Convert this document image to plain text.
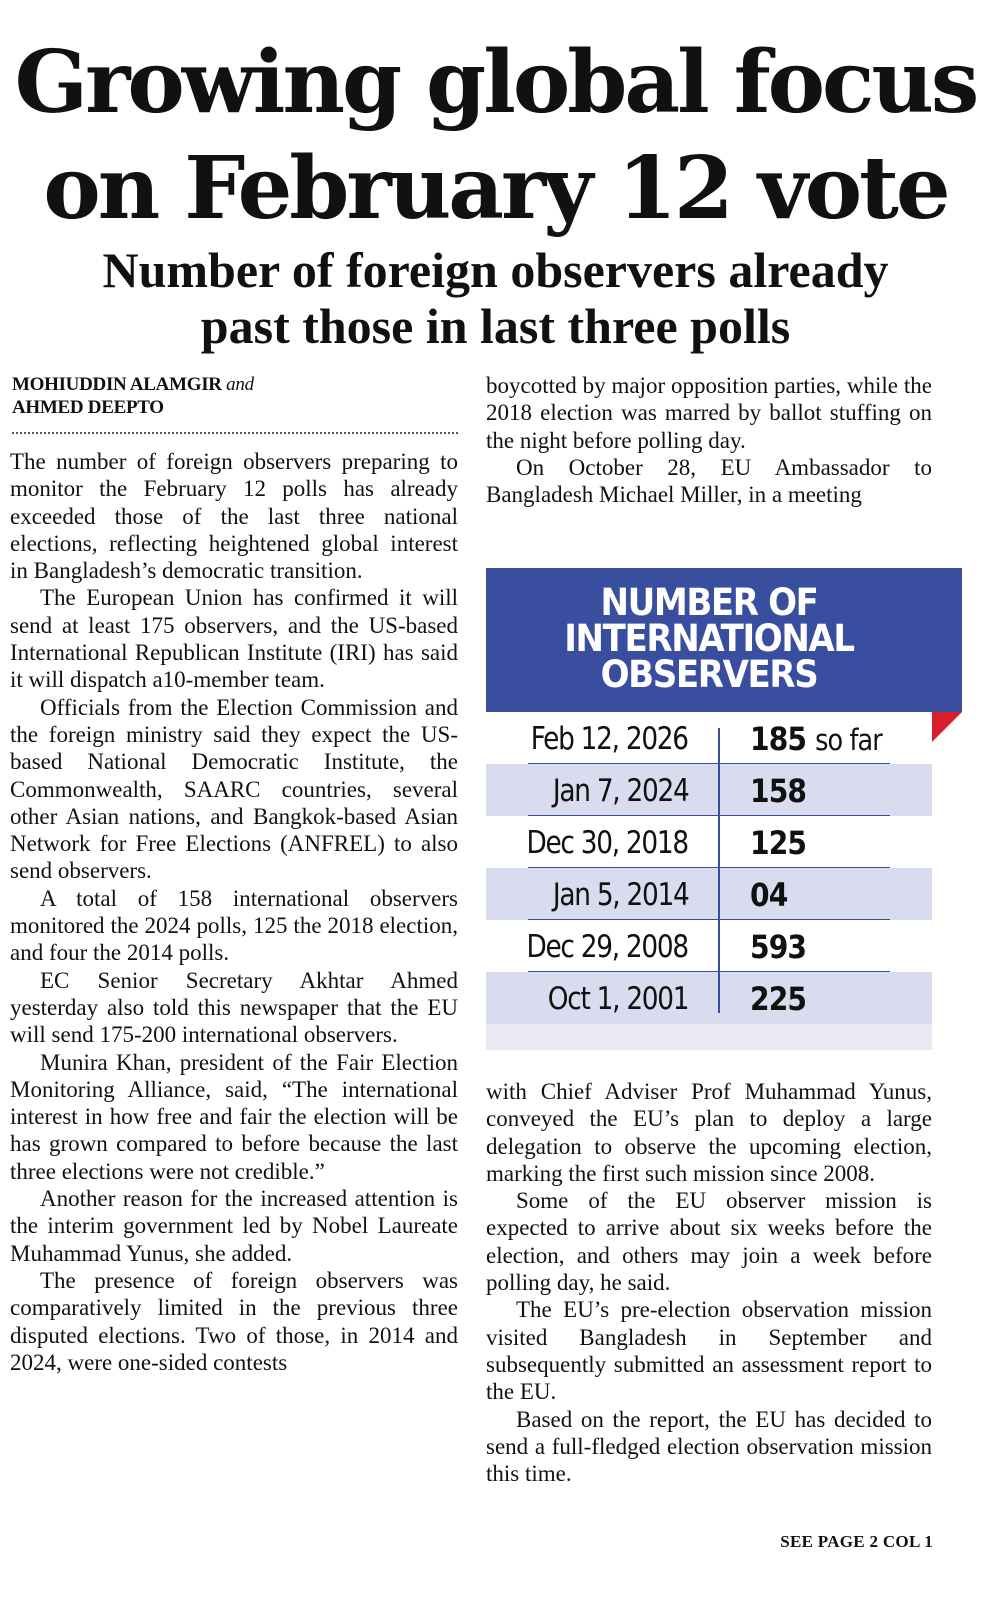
Growing global focus
on February 12 vote
Number of foreign observers already
past those in last three polls
MOHIUDDIN ALAMGIR and
AHMED DEEPTO

The number of foreign observers preparing to monitor the February 12 polls has already exceeded those of the last three national elections, reflecting heightened global interest in Bangladesh’s democratic transition.

The European Union has confirmed it will send at least 175 observers, and the US-based International Republican Institute (IRI) has said it will dispatch a10-member team.

Officials from the Election Commission and the foreign ministry said they expect the US-based National Democratic Institute, the Commonwealth, SAARC countries, several other Asian nations, and Bangkok-based Asian Network for Free Elections (ANFREL) to also send observers.

A total of 158 international observers monitored the 2024 polls, 125 the 2018 election, and four the 2014 polls.

EC Senior Secretary Akhtar Ahmed yesterday also told this newspaper that the EU will send 175-200 international observers.

Munira Khan, president of the Fair Election Monitoring Alliance, said, “The international interest in how free and fair the election will be has grown compared to before because the last three elections were not credible.”

Another reason for the increased attention is the interim government led by Nobel Laureate Muhammad Yunus, she added.

The presence of foreign observers was comparatively limited in the previous three disputed elections. Two of those, in 2014 and 2024, were one-sided contests

boycotted by major opposition parties, while the 2018 election was marred by ballot stuffing on the night before polling day.

On October 28, EU Ambassador to Bangladesh Michael Miller, in a meeting

NUMBER OF
INTERNATIONAL
OBSERVERS
Feb 12, 2026 185 so far
Jan 7, 2024 158
Dec 30, 2018 125
Jan 5, 2014 04
Dec 29, 2008 593
Oct 1, 2001 225

with Chief Adviser Prof Muhammad Yunus, conveyed the EU’s plan to deploy a large delegation to observe the upcoming election, marking the first such mission since 2008.

Some of the EU observer mission is expected to arrive about six weeks before the election, and others may join a week before polling day, he said.

The EU’s pre-election observation mission visited Bangladesh in September and subsequently submitted an assessment report to the EU.

Based on the report, the EU has decided to send a full-fledged election observation mission this time.

SEE PAGE 2 COL 1
